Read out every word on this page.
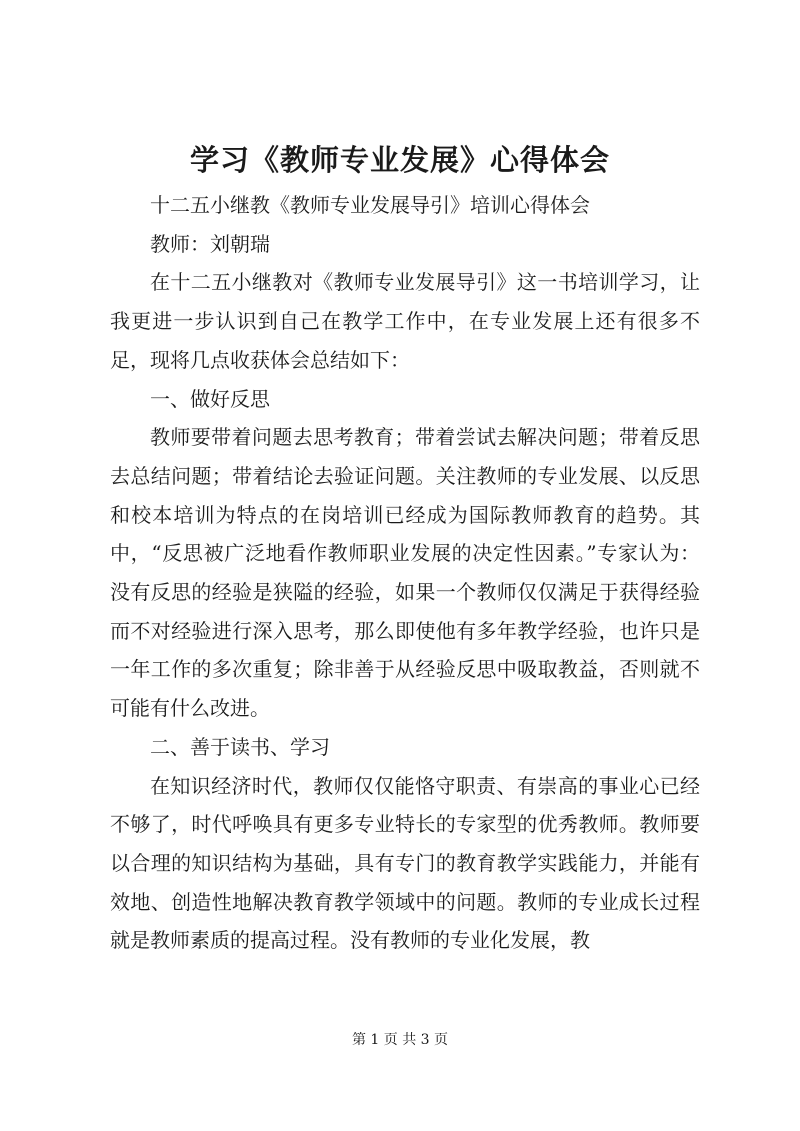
学习《教师专业发展》心得体会

十二五小继教《教师专业发展导引》培训心得体会

教师：刘朝瑞

在十二五小继教对《教师专业发展导引》这一书培训学习，让我更进一步认识到自己在教学工作中，在专业发展上还有很多不足，现将几点收获体会总结如下：

一、做好反思

教师要带着问题去思考教育；带着尝试去解决问题；带着反思去总结问题；带着结论去验证问题。关注教师的专业发展、以反思和校本培训为特点的在岗培训已经成为国际教师教育的趋势。其中，“反思被广泛地看作教师职业发展的决定性因素。”专家认为：没有反思的经验是狭隘的经验，如果一个教师仅仅满足于获得经验而不对经验进行深入思考，那么即使他有多年教学经验，也许只是一年工作的多次重复；除非善于从经验反思中吸取教益，否则就不可能有什么改进。

二、善于读书、学习

在知识经济时代，教师仅仅能恪守职责、有崇高的事业心已经不够了，时代呼唤具有更多专业特长的专家型的优秀教师。教师要以合理的知识结构为基础，具有专门的教育教学实践能力，并能有效地、创造性地解决教育教学领域中的问题。教师的专业成长过程就是教师素质的提高过程。没有教师的专业化发展，教

第 1 页 共 3 页
